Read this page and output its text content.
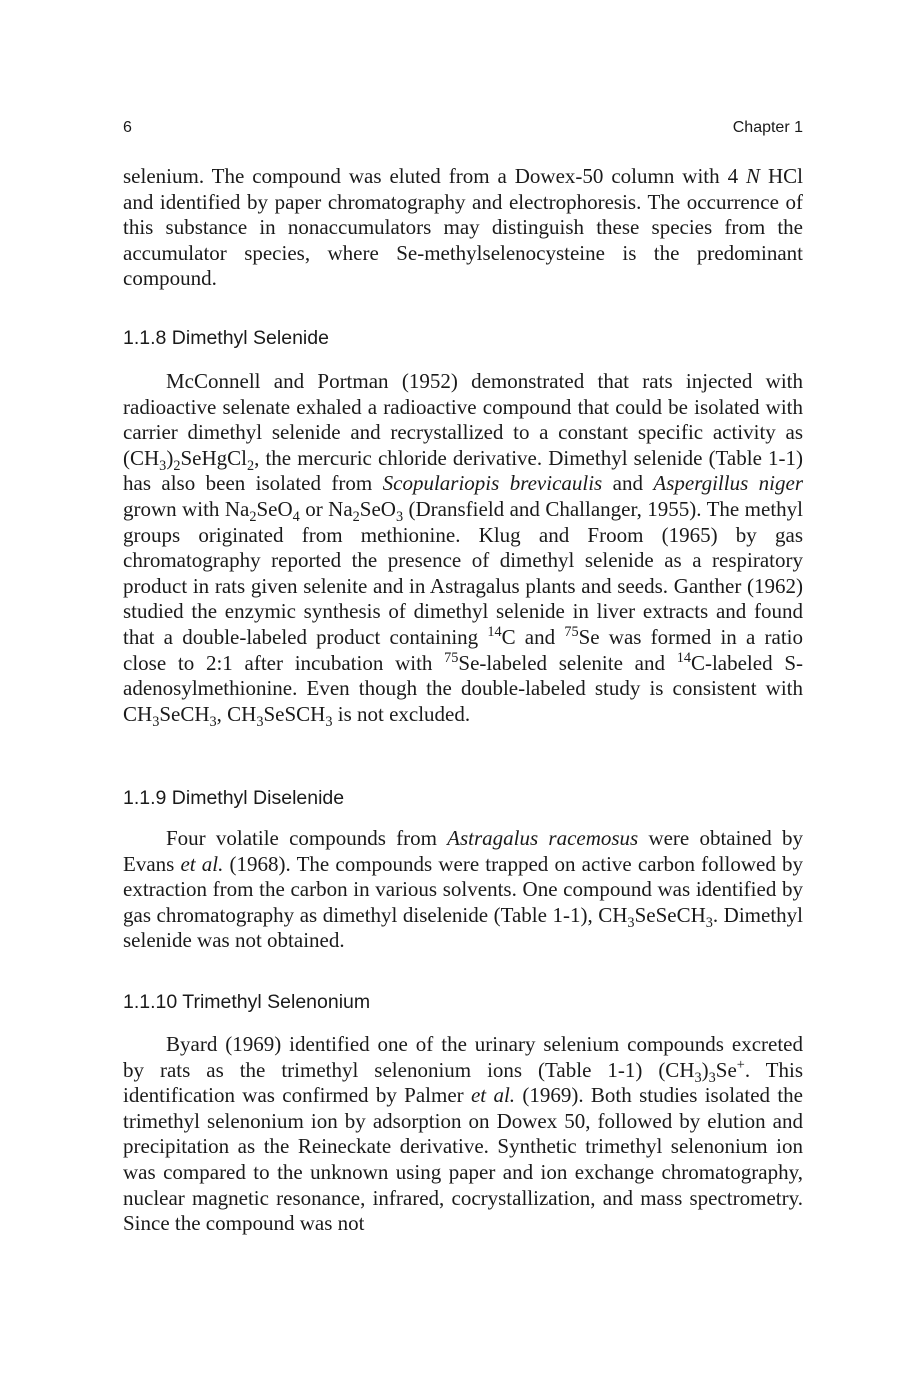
6	Chapter 1

selenium. The compound was eluted from a Dowex-50 column with 4 N HCl and identified by paper chromatography and electrophoresis. The occurrence of this substance in nonaccumulators may distinguish these species from the accumulator species, where Se-methylselenocysteine is the predominant compound.

1.1.8 Dimethyl Selenide

McConnell and Portman (1952) demonstrated that rats injected with radioactive selenate exhaled a radioactive compound that could be isolated with carrier dimethyl selenide and recrystallized to a constant specific activity as $(CH_3)_2SeHgCl_2$, the mercuric chloride derivative. Dimethyl selenide (Table 1-1) has also been isolated from Scopulariopis brevicaulis and Aspergillus niger grown with $Na_2SeO_4$ or $Na_2SeO_3$ (Dransfield and Challanger, 1955). The methyl groups originated from methionine. Klug and Froom (1965) by gas chromatography reported the presence of dimethyl selenide as a respiratory product in rats given selenite and in Astragalus plants and seeds. Ganther (1962) studied the enzymic synthesis of dimethyl selenide in liver extracts and found that a double-labeled product containing $^{14}$C and $^{75}$Se was formed in a ratio close to 2:1 after incubation with $^{75}$Se-labeled selenite and $^{14}$C-labeled S-adenosylmethionine. Even though the double-labeled study is consistent with $CH_3SeCH_3$, $CH_3SeSCH_3$ is not excluded.

1.1.9 Dimethyl Diselenide

Four volatile compounds from Astragalus racemosus were obtained by Evans et al. (1968). The compounds were trapped on active carbon followed by extraction from the carbon in various solvents. One compound was identified by gas chromatography as dimethyl diselenide (Table 1-1), $CH_3SeSeCH_3$. Dimethyl selenide was not obtained.

1.1.10 Trimethyl Selenonium

Byard (1969) identified one of the urinary selenium compounds excreted by rats as the trimethyl selenonium ions (Table 1-1) $(CH_3)_3Se^+$. This identification was confirmed by Palmer et al. (1969). Both studies isolated the trimethyl selenonium ion by adsorption on Dowex 50, followed by elution and precipitation as the Reineckate derivative. Synthetic trimethyl selenonium ion was compared to the unknown using paper and ion exchange chromatography, nuclear magnetic resonance, infrared, cocrystallization, and mass spectrometry. Since the compound was not
